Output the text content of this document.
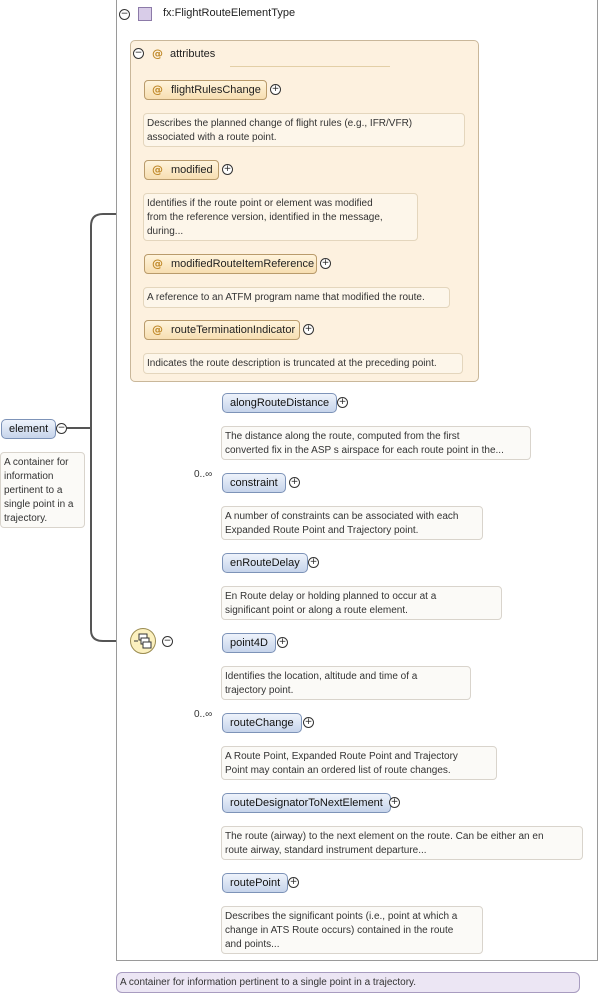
−	fx:FlightRouteElementType
− @ attributes
@ flightRulesChange	+
Describes the planned change of flight rules (e.g., IFR/VFR)
associated with a route point.
@ modified	+
Identifies if the route point or element was modified
from the reference version, identified in the message,
during...
@ modifiedRouteItemReference +
A reference to an ATFM program name that modified the route.
@ routeTerminationIndicator	+
Indicates the route description is truncated at the preceding point.
element	−
A container for
information
pertinent to a
single point in a
trajectory.
−
alongRouteDistance	+
The distance along the route, computed from the first
converted fix in the ASP s airspace for each route point in the...
0..∞
constraint	+
A number of constraints can be associated with each
Expanded Route Point and Trajectory point.
enRouteDelay	+
En Route delay or holding planned to occur at a
significant point or along a route element.
point4D	+
Identifies the location, altitude and time of a
trajectory point.
0..∞
routeChange	+
A Route Point, Expanded Route Point and Trajectory
Point may contain an ordered list of route changes.
routeDesignatorToNextElement +
The route (airway) to the next element on the route. Can be either an en
route airway, standard instrument departure...
routePoint	+
Describes the significant points (i.e., point at which a
change in ATS Route occurs) contained in the route
and points...
A container for information pertinent to a single point in a trajectory.
